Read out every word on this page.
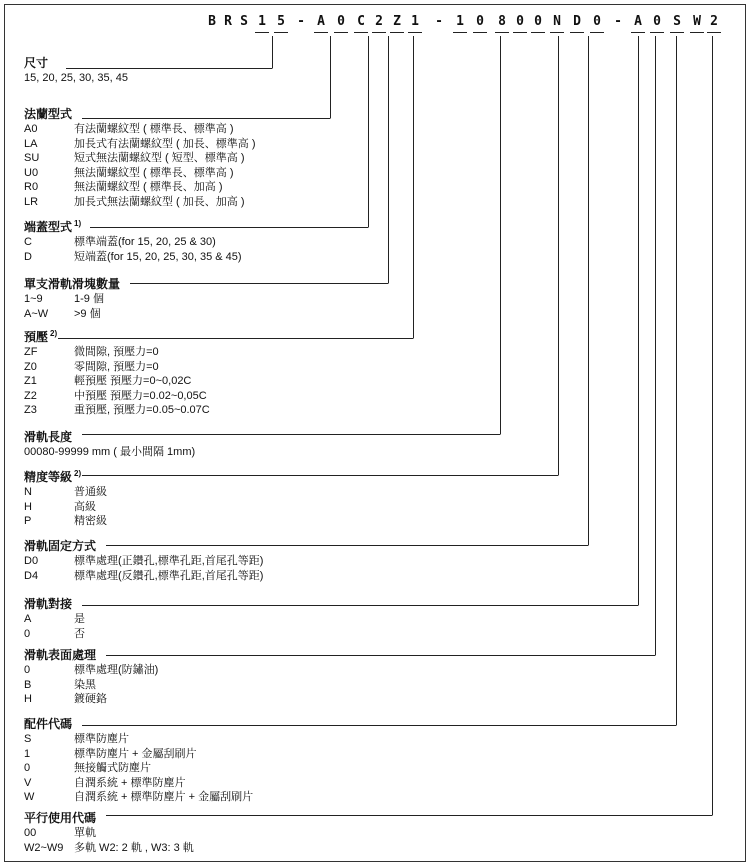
B R S 1 5 - A 0 C 2 Z 1 - 1 0 8 0 0 N D 0 - A 0 S W 2
尺寸
15, 20, 25, 30, 35, 45
法蘭型式
A0	有法蘭螺紋型 ( 標準長、標準高 )
LA	加長式有法蘭螺紋型 ( 加長、標準高 )
SU	短式無法蘭螺紋型 ( 短型、標準高 )
U0	無法蘭螺紋型 ( 標準長、標準高 )
R0	無法蘭螺紋型 ( 標準長、加高 )
LR	加長式無法蘭螺紋型 ( 加長、加高 )
端蓋型式 $^{1)}$
C	標準端蓋(for 15, 20, 25 & 30)
D	短端蓋(for 15, 20, 25, 30, 35 & 45)
單支滑軌滑塊數量
1~9	1-9 個
A~W	>9 個
預壓 $^{2)}$
ZF	微間隙, 預壓力=0
Z0	零間隙, 預壓力=0
Z1	輕預壓 預壓力=0~0,02C
Z2	中預壓 預壓力=0.02~0,05C
Z3	重預壓, 預壓力=0.05~0.07C
滑軌長度
00080-99999 mm ( 最小間隔 1mm)
精度等級 $^{2)}$
N	普通級
H	高級
P	精密級
滑軌固定方式
D0	標準處理(正鑽孔,標準孔距,首尾孔等距)
D4	標準處理(反鑽孔,標準孔距,首尾孔等距)
滑軌對接
A	是
0	否
滑軌表面處理
0	標準處理(防鏽油)
B	染黑
H	鍍硬鉻
配件代碼
S	標準防塵片
1	標準防塵片 + 金屬刮刷片
0	無接觸式防塵片
V	自潤系統 + 標準防塵片
W	自潤系統 + 標準防塵片 + 金屬刮刷片
平行使用代碼
00	單軌
W2~W9 多軌 W2: 2 軌 , W3: 3 軌
